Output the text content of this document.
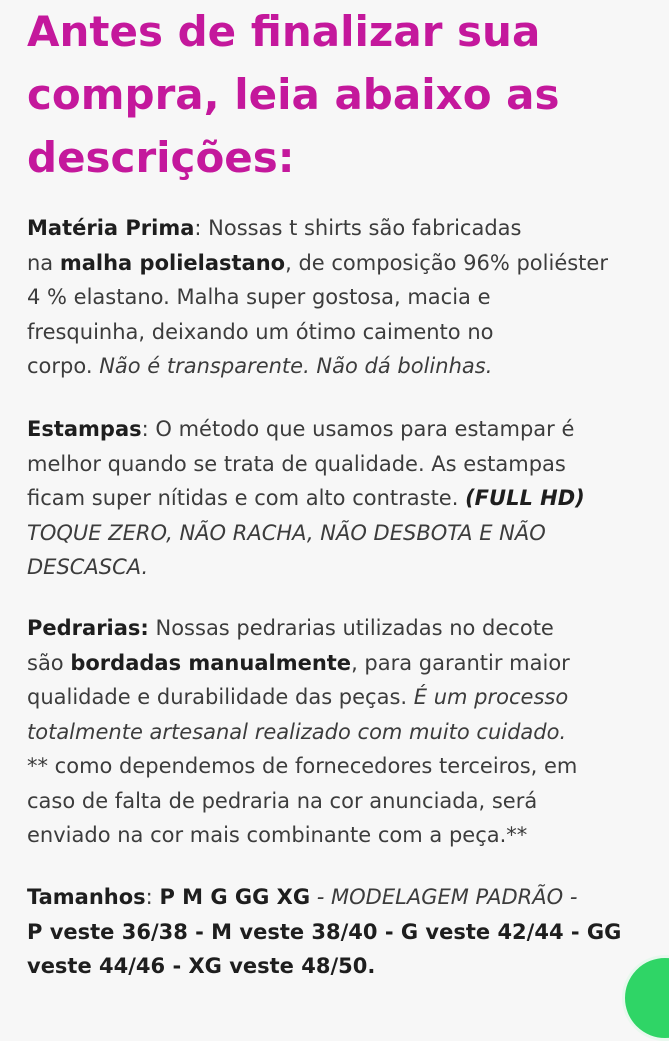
Antes de finalizar sua
compra, leia abaixo as
descrições:

Matéria Prima: Nossas t shirts são fabricadas
na malha polielastano, de composição 96% poliéster
4 % elastano. Malha super gostosa, macia e
fresquinha, deixando um ótimo caimento no
corpo. Não é transparente. Não dá bolinhas.

Estampas: O método que usamos para estampar é
melhor quando se trata de qualidade. As estampas
ficam super nítidas e com alto contraste. (FULL HD)
TOQUE ZERO, NÃO RACHA, NÃO DESBOTA E NÃO
DESCASCA.

Pedrarias: Nossas pedrarias utilizadas no decote
são bordadas manualmente, para garantir maior
qualidade e durabilidade das peças. É um processo
totalmente artesanal realizado com muito cuidado.
** como dependemos de fornecedores terceiros, em
caso de falta de pedraria na cor anunciada, será
enviado na cor mais combinante com a peça.**

Tamanhos: P M G GG XG - MODELAGEM PADRÃO -
P veste 36/38 - M veste 38/40 - G veste 42/44 - GG
veste 44/46 - XG veste 48/50.
